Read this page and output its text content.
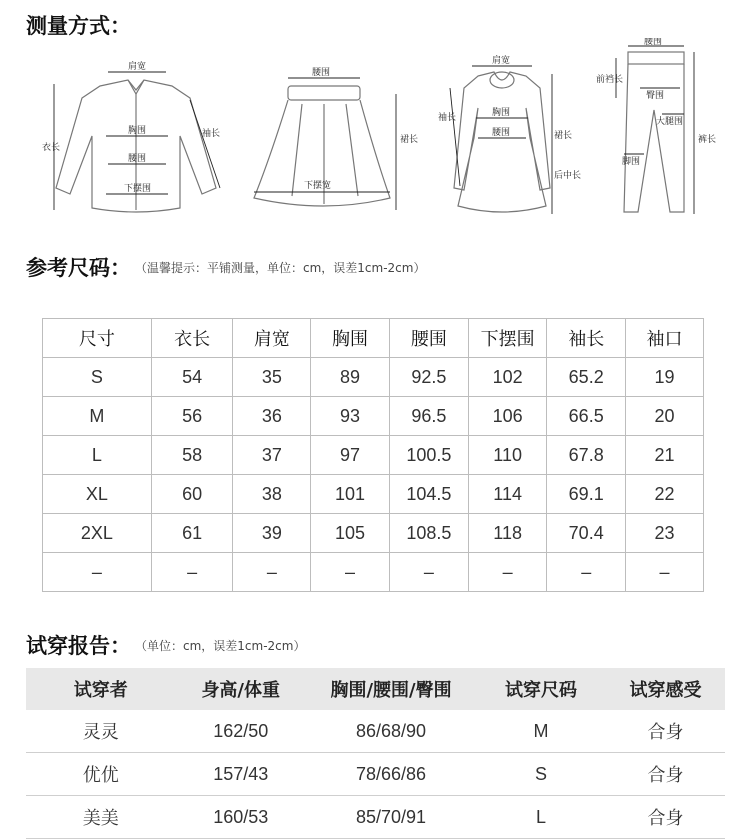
测量方式：
肩宽
胸围
腰围
下摆围
衣长
袖长
腰围
下摆宽
裙长
肩宽
胸围
腰围
袖长
裙长
后中长
腰围
前裆长
臀围
大腿围
脚围
裤长
参考尺码： （温馨提示：平铺测量，单位：cm，误差1cm-2cm）
尺寸	衣长	肩宽	胸围	腰围	下摆围	袖长	袖口
S	54	35	89	92.5	102	65.2	19
M	56	36	93	96.5	106	66.5	20
L	58	37	97	100.5	110	67.8	21
XL	60	38	101	104.5	114	69.1	22
2XL	61	39	105	108.5	118	70.4	23
–	–	–	–	–	–	–	–
试穿报告： （单位：cm，误差1cm-2cm）
试穿者	身高/体重	胸围/腰围/臀围	试穿尺码	试穿感受
灵灵	162/50	86/68/90	M	合身
优优	157/43	78/66/86	S	合身
美美	160/53	85/70/91	L	合身
